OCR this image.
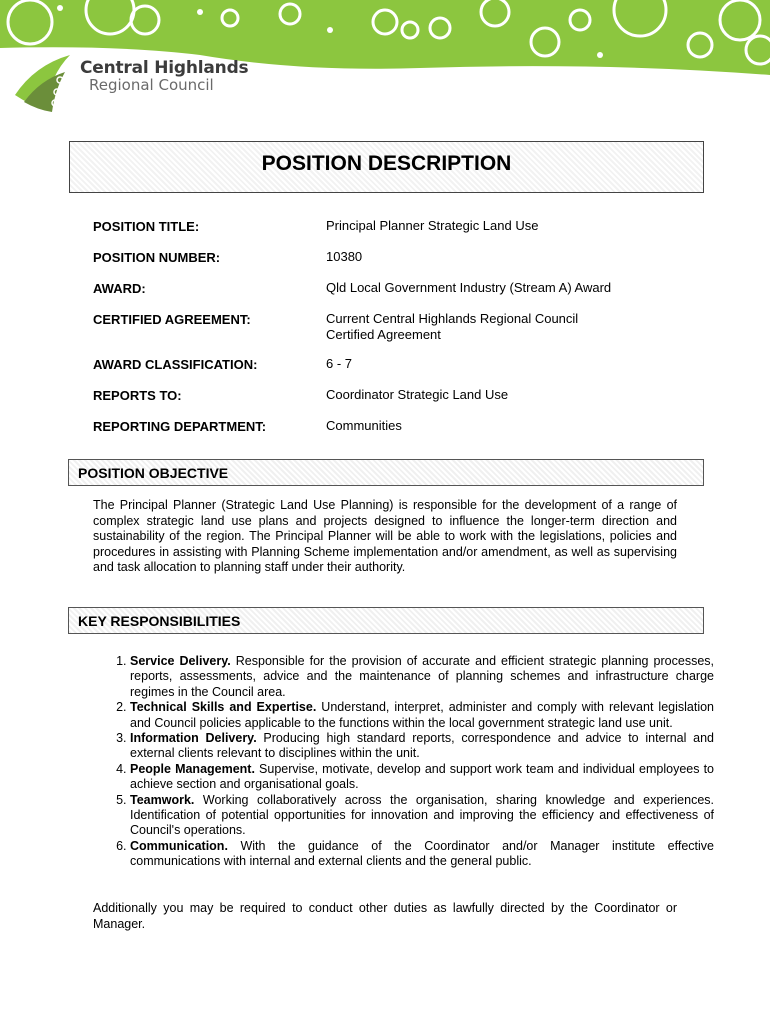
Central Highlands
Regional Council
POSITION DESCRIPTION
POSITION TITLE:	Principal Planner Strategic Land Use
POSITION NUMBER:	10380
AWARD:	Qld Local Government Industry (Stream A) Award
CERTIFIED AGREEMENT:	Current Central Highlands Regional Council Certified Agreement
AWARD CLASSIFICATION:	6 - 7
REPORTS TO:	Coordinator Strategic Land Use
REPORTING DEPARTMENT:	Communities
POSITION OBJECTIVE
The Principal Planner (Strategic Land Use Planning) is responsible for the development of a range of complex strategic land use plans and projects designed to influence the longer-term direction and sustainability of the region. The Principal Planner will be able to work with the legislations, policies and procedures in assisting with Planning Scheme implementation and/or amendment, as well as supervising and task allocation to planning staff under their authority.
KEY RESPONSIBILITIES
1. Service Delivery. Responsible for the provision of accurate and efficient strategic planning processes, reports, assessments, advice and the maintenance of planning schemes and infrastructure charge regimes in the Council area.
2. Technical Skills and Expertise. Understand, interpret, administer and comply with relevant legislation and Council policies applicable to the functions within the local government strategic land use unit.
3. Information Delivery. Producing high standard reports, correspondence and advice to internal and external clients relevant to disciplines within the unit.
4. People Management. Supervise, motivate, develop and support work team and individual employees to achieve section and organisational goals.
5. Teamwork. Working collaboratively across the organisation, sharing knowledge and experiences. Identification of potential opportunities for innovation and improving the efficiency and effectiveness of Council's operations.
6. Communication. With the guidance of the Coordinator and/or Manager institute effective communications with internal and external clients and the general public.
Additionally you may be required to conduct other duties as lawfully directed by the Coordinator or Manager.
